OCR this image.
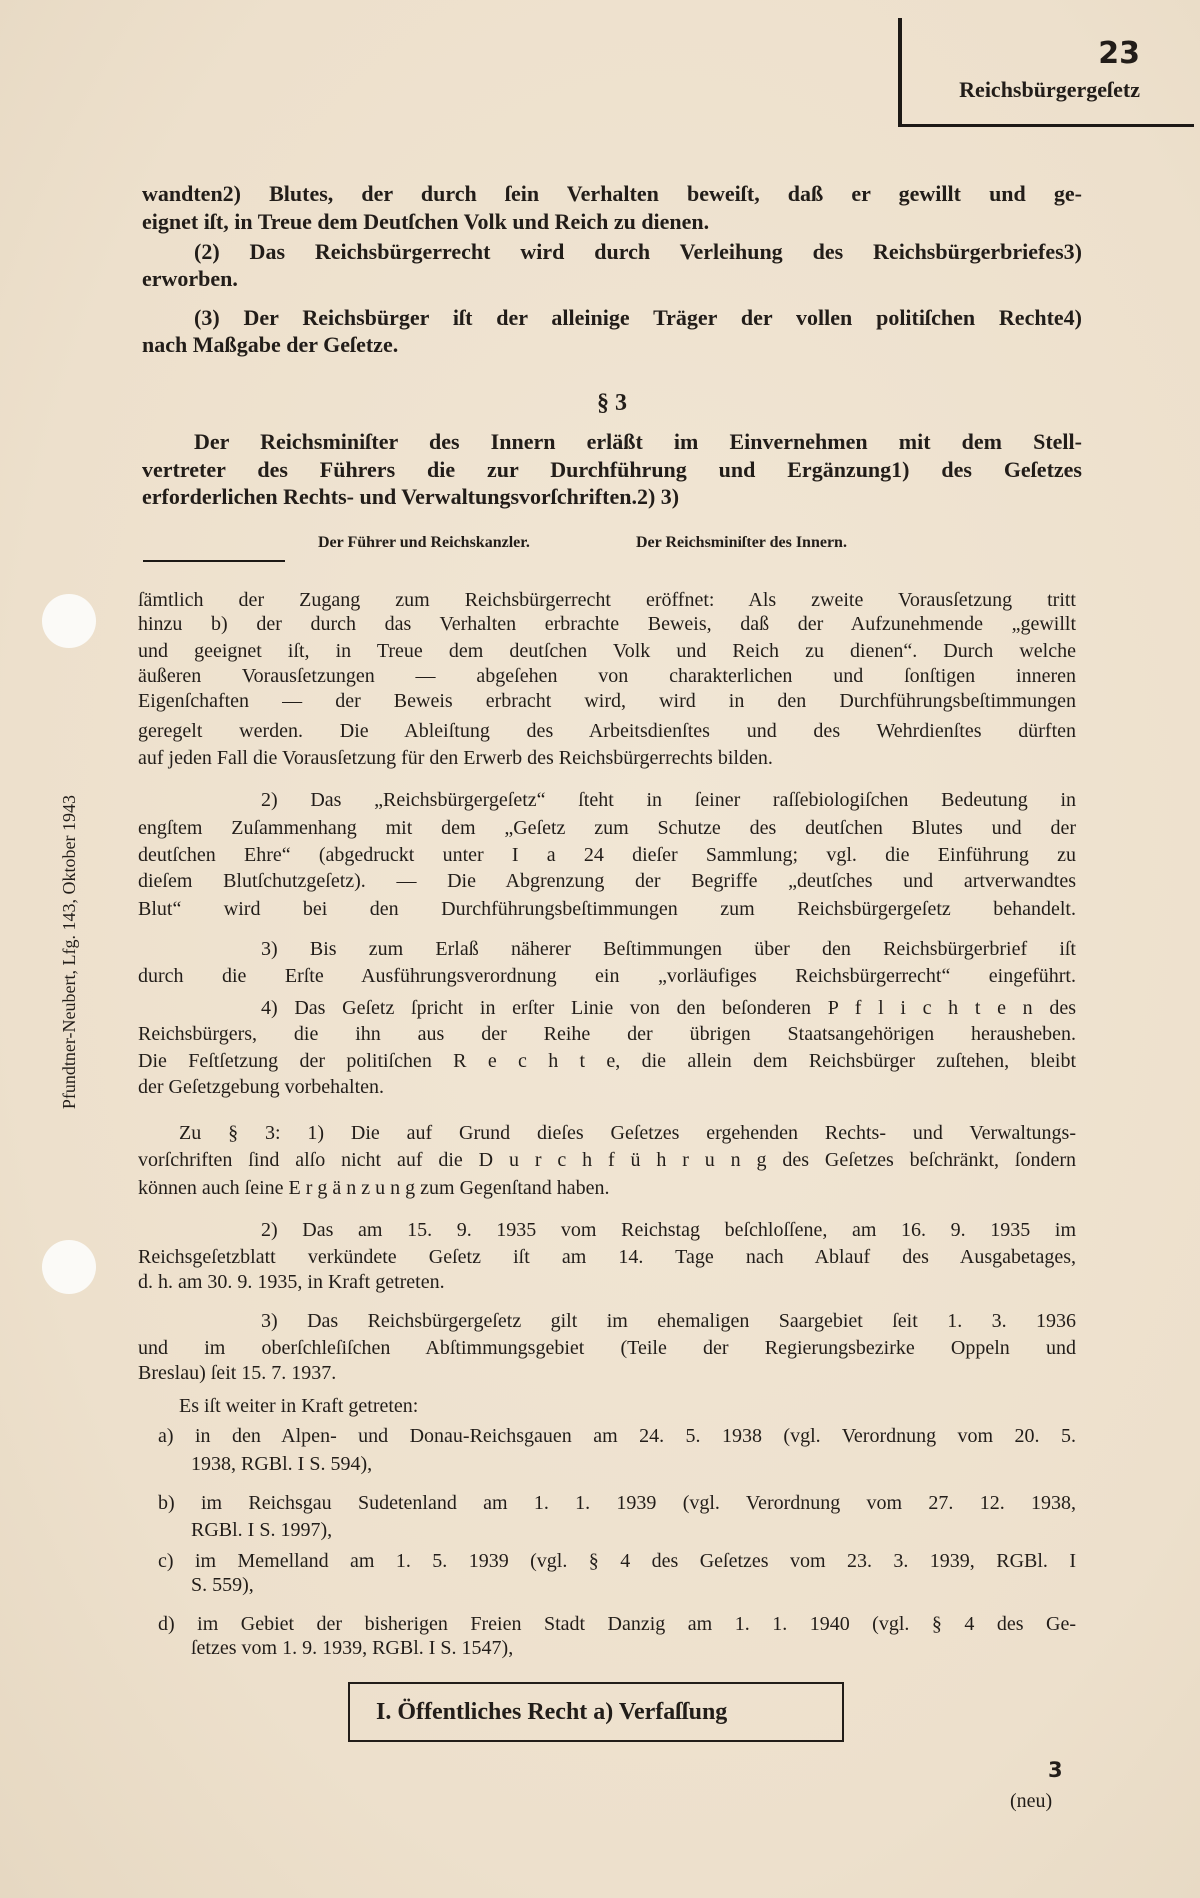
23
Reichsbürgergeſetz
Pfundtner-Neubert, Lfg. 143, Oktober 1943
wandten2) Blutes, der durch ſein Verhalten beweiſt, daß er gewillt und ge-
eignet iſt, in Treue dem Deutſchen Volk und Reich zu dienen.
(2) Das Reichsbürgerrecht wird durch Verleihung des Reichsbürgerbriefes3)
erworben.
(3) Der Reichsbürger iſt der alleinige Träger der vollen politiſchen Rechte4)
nach Maßgabe der Geſetze.
§ 3
Der Reichsminiſter des Innern erläßt im Einvernehmen mit dem Stell-
vertreter des Führers die zur Durchführung und Ergänzung1) des Geſetzes
erforderlichen Rechts- und Verwaltungsvorſchriften.2) 3)
Der Führer und Reichskanzler.	Der Reichsminiſter des Innern.
ſämtlich der Zugang zum Reichsbürgerrecht eröffnet: Als zweite Vorausſetzung tritt
hinzu b) der durch das Verhalten erbrachte Beweis, daß der Aufzunehmende „gewillt
und geeignet iſt, in Treue dem deutſchen Volk und Reich zu dienen“. Durch welche
äußeren Vorausſetzungen — abgeſehen von charakterlichen und ſonſtigen inneren
Eigenſchaften — der Beweis erbracht wird, wird in den Durchführungsbeſtimmungen
geregelt werden. Die Ableiſtung des Arbeitsdienſtes und des Wehrdienſtes dürften
auf jeden Fall die Vorausſetzung für den Erwerb des Reichsbürgerrechts bilden.
2) Das „Reichsbürgergeſetz“ ſteht in ſeiner raſſebiologiſchen Bedeutung in
engſtem Zuſammenhang mit dem „Geſetz zum Schutze des deutſchen Blutes und der
deutſchen Ehre“ (abgedruckt unter I a 24 dieſer Sammlung; vgl. die Einführung zu
dieſem Blutſchutzgeſetz). — Die Abgrenzung der Begriffe „deutſches und artverwandtes
Blut“ wird bei den Durchführungsbeſtimmungen zum Reichsbürgergeſetz behandelt.
3) Bis zum Erlaß näherer Beſtimmungen über den Reichsbürgerbrief iſt
durch die Erſte Ausführungsverordnung ein „vorläufiges Reichsbürgerrecht“ eingeführt.
4) Das Geſetz ſpricht in erſter Linie von den beſonderen P f l i c h t e n des
Reichsbürgers, die ihn aus der Reihe der übrigen Staatsangehörigen herausheben.
Die Feſtſetzung der politiſchen R e c h t e, die allein dem Reichsbürger zuſtehen, bleibt
der Geſetzgebung vorbehalten.
Zu § 3: 1) Die auf Grund dieſes Geſetzes ergehenden Rechts- und Verwaltungs-
vorſchriften ſind alſo nicht auf die D u r c h f ü h r u n g des Geſetzes beſchränkt, ſondern
können auch ſeine E r g ä n z u n g zum Gegenſtand haben.
2) Das am 15. 9. 1935 vom Reichstag beſchloſſene, am 16. 9. 1935 im
Reichsgeſetzblatt verkündete Geſetz iſt am 14. Tage nach Ablauf des Ausgabetages,
d. h. am 30. 9. 1935, in Kraft getreten.
3) Das Reichsbürgergeſetz gilt im ehemaligen Saargebiet ſeit 1. 3. 1936
und im oberſchleſiſchen Abſtimmungsgebiet (Teile der Regierungsbezirke Oppeln und
Breslau) ſeit 15. 7. 1937.
Es iſt weiter in Kraft getreten:
a) in den Alpen- und Donau-Reichsgauen am 24. 5. 1938 (vgl. Verordnung vom 20. 5.
1938, RGBl. I S. 594),
b) im Reichsgau Sudetenland am 1. 1. 1939 (vgl. Verordnung vom 27. 12. 1938,
RGBl. I S. 1997),
c) im Memelland am 1. 5. 1939 (vgl. § 4 des Geſetzes vom 23. 3. 1939, RGBl. I
S. 559),
d) im Gebiet der bisherigen Freien Stadt Danzig am 1. 1. 1940 (vgl. § 4 des Ge-
ſetzes vom 1. 9. 1939, RGBl. I S. 1547),
I. Öffentliches Recht a) Verfaſſung
3
(neu)
